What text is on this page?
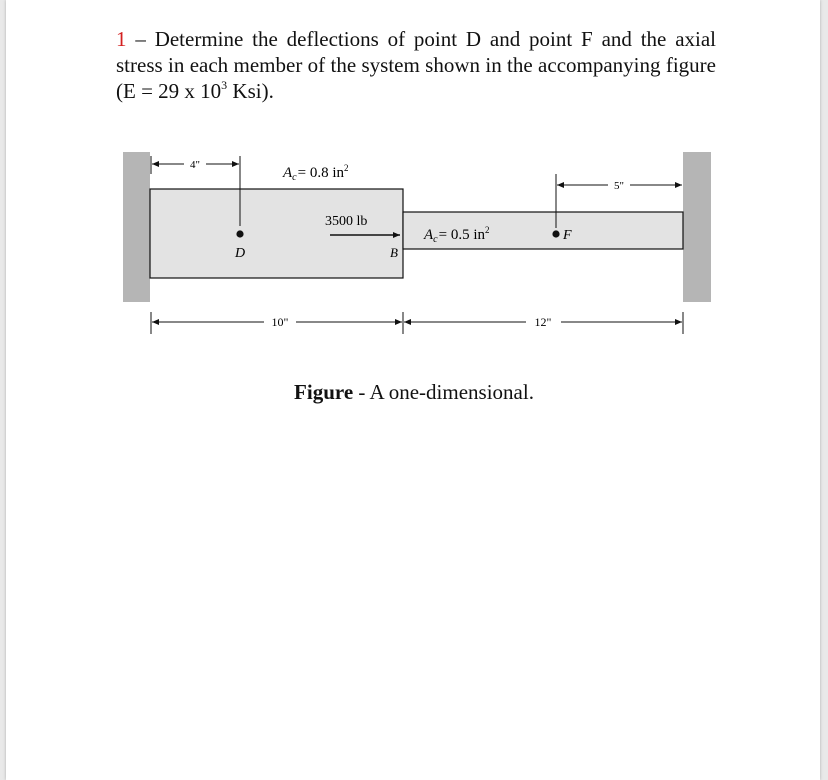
1 – Determine the deflections of point D and point F and the axial stress in each member of the system shown in the accompanying figure (E = 29 x $10^3$ Ksi).
4"
D
$A_c= 0.8$ $in^2$
3500 lb
B
$A_c= 0.5$ $in^2$	F
5"
10"	12"
Figure - A one-dimensional.
